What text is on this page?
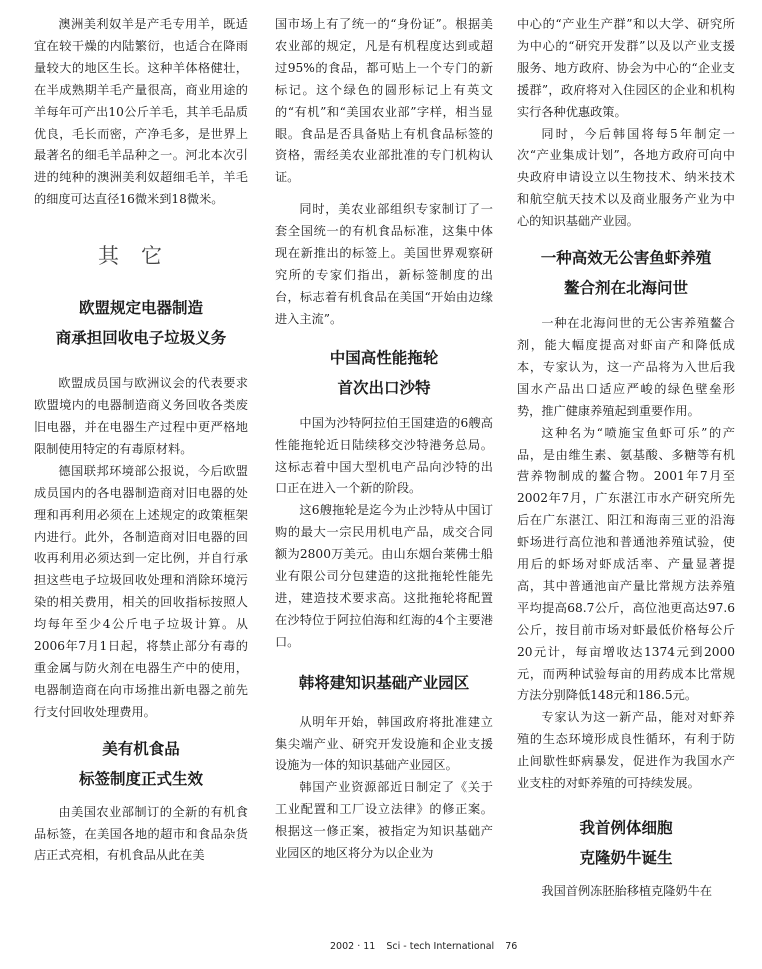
澳洲美利奴羊是产毛专用羊，既适宜在较干燥的内陆繁衍，也适合在降雨量较大的地区生长。这种羊体格健壮，在半成熟期羊毛产量很高，商业用途的羊每年可产出10公斤羊毛，其羊毛品质优良，毛长而密，产净毛多，是世界上最著名的细毛羊品种之一。河北本次引进的纯种的澳洲美利奴超细毛羊，羊毛的细度可达直径16微米到18微米。

其它
欧盟规定电器制造
商承担回收电子垃圾义务

欧盟成员国与欧洲议会的代表要求欧盟境内的电器制造商义务回收各类废旧电器，并在电器生产过程中更严格地限制使用特定的有毒原材料。

德国联邦环境部公报说，今后欧盟成员国内的各电器制造商对旧电器的处理和再利用必须在上述规定的政策框架内进行。此外，各制造商对旧电器的回收再利用必须达到一定比例，并自行承担这些电子垃圾回收处理和消除环境污染的相关费用，相关的回收指标按照人均每年至少4公斤电子垃圾计算。从2006年7月1日起，将禁止部分有毒的重金属与防火剂在电器生产中的使用，电器制造商在向市场推出新电器之前先行支付回收处理费用。

美有机食品
标签制度正式生效

由美国农业部制订的全新的有机食品标签，在美国各地的超市和食品杂货店正式亮相，有机食品从此在美

国市场上有了统一的“身份证”。根据美农业部的规定，凡是有机程度达到或超过95%的食品，都可贴上一个专门的新标记。这个绿色的圆形标记上有英文的“有机”和“美国农业部”字样，相当显眼。食品是否具备贴上有机食品标签的资格，需经美农业部批准的专门机构认证。

同时，美农业部组织专家制订了一套全国统一的有机食品标准，这集中体现在新推出的标签上。美国世界观察研究所的专家们指出，新标签制度的出台，标志着有机食品在美国“开始由边缘进入主流”。

中国高性能拖轮
首次出口沙特

中国为沙特阿拉伯王国建造的6艘高性能拖轮近日陆续移交沙特港务总局。这标志着中国大型机电产品向沙特的出口正在进入一个新的阶段。

这6艘拖轮是迄今为止沙特从中国订购的最大一宗民用机电产品，成交合同额为2800万美元。由山东烟台莱佛士船业有限公司分包建造的这批拖轮性能先进，建造技术要求高。这批拖轮将配置在沙特位于阿拉伯海和红海的4个主要港口。

韩将建知识基础产业园区

从明年开始，韩国政府将批准建立集尖端产业、研究开发设施和企业支援设施为一体的知识基础产业园区。

韩国产业资源部近日制定了《关于工业配置和工厂设立法律》的修正案。根据这一修正案，被指定为知识基础产业园区的地区将分为以企业为

中心的“产业生产群”和以大学、研究所为中心的“研究开发群”以及以产业支援服务、地方政府、协会为中心的“企业支援群”，政府将对入住园区的企业和机构实行各种优惠政策。

同时，今后韩国将每5年制定一次“产业集成计划”，各地方政府可向中央政府申请设立以生物技术、纳米技术和航空航天技术以及商业服务产业为中心的知识基础产业园。

一种高效无公害鱼虾养殖
鳌合剂在北海问世

一种在北海问世的无公害养殖鳌合剂，能大幅度提高对虾亩产和降低成本，专家认为，这一产品将为入世后我国水产品出口适应严峻的绿色壁垒形势，推广健康养殖起到重要作用。

这种名为“喷施宝鱼虾可乐”的产品，是由维生素、氨基酸、多糖等有机营养物制成的鳌合物。2001年7月至2002年7月，广东湛江市水产研究所先后在广东湛江、阳江和海南三亚的沿海虾场进行高位池和普通池养殖试验，使用后的虾场对虾成活率、产量显著提高，其中普通池亩产量比常规方法养殖平均提高68.7公斤，高位池更高达97.6公斤，按目前市场对虾最低价格每公斤20元计，每亩增收达1374元到2000元，而两种试验每亩的用药成本比常规方法分别降低148元和186.5元。

专家认为这一新产品，能对对虾养殖的生态环境形成良性循环，有利于防止间歇性虾病暴发，促进作为我国水产业支柱的对虾养殖的可持续发展。

我首例体细胞
克隆奶牛诞生

我国首例冻胚胎移植克隆奶牛在

2002 · 11 Sci - tech International 76
